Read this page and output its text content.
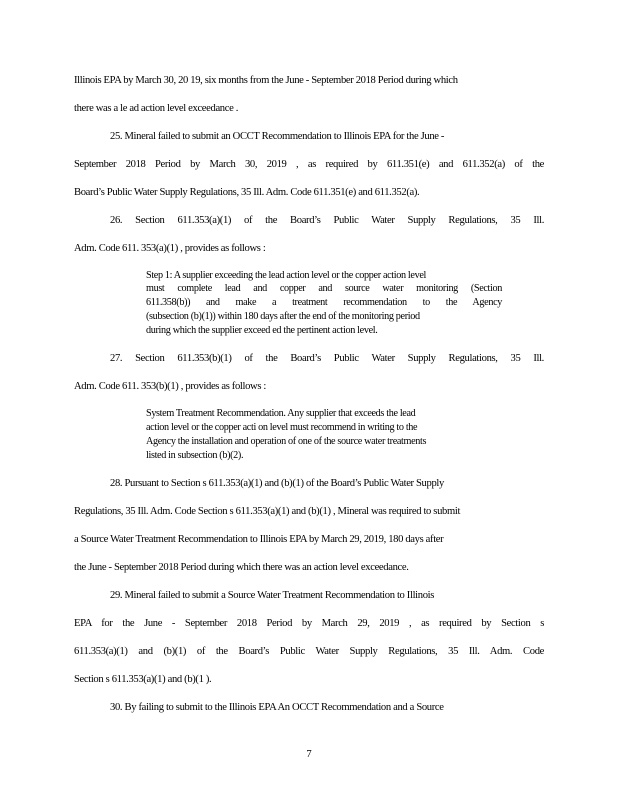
Illinois EPA by March 30, 20 19, six months from the June - September 2018 Period during which
there was a le ad action level exceedance .
25. Mineral failed to submit an OCCT Recommendation to Illinois EPA for the June -
September 2018 Period by March 30, 2019 , as required by 611.351(e) and 611.352(a) of the
Board’s Public Water Supply Regulations, 35 Ill. Adm. Code 611.351(e) and 611.352(a).
26. Section 611.353(a)(1) of the Board’s Public Water Supply Regulations, 35 Ill.
Adm. Code 611. 353(a)(1) , provides as follows :
Step 1: A supplier exceeding the lead action level or the copper action level
must complete lead and copper and source water monitoring (Section
611.358(b)) and make a treatment recommendation to the Agency
(subsection (b)(1)) within 180 days after the end of the monitoring period
during which the supplier exceed ed the pertinent action level.
27. Section 611.353(b)(1) of the Board’s Public Water Supply Regulations, 35 Ill.
Adm. Code 611. 353(b)(1) , provides as follows :
System Treatment Recommendation. Any supplier that exceeds the lead
action level or the copper acti on level must recommend in writing to the
Agency the installation and operation of one of the source water treatments
listed in subsection (b)(2).
28. Pursuant to Section s 611.353(a)(1) and (b)(1) of the Board’s Public Water Supply
Regulations, 35 Ill. Adm. Code Section s 611.353(a)(1) and (b)(1) , Mineral was required to submit
a Source Water Treatment Recommendation to Illinois EPA by March 29, 2019, 180 days after
the June - September 2018 Period during which there was an action level exceedance.
29. Mineral failed to submit a Source Water Treatment Recommendation to Illinois
EPA for the June - September 2018 Period by March 29, 2019 , as required by Section s
611.353(a)(1) and (b)(1) of the Board’s Public Water Supply Regulations, 35 Ill. Adm. Code
Section s 611.353(a)(1) and (b)(1 ).
30. By failing to submit to the Illinois EPA An OCCT Recommendation and a Source
7
